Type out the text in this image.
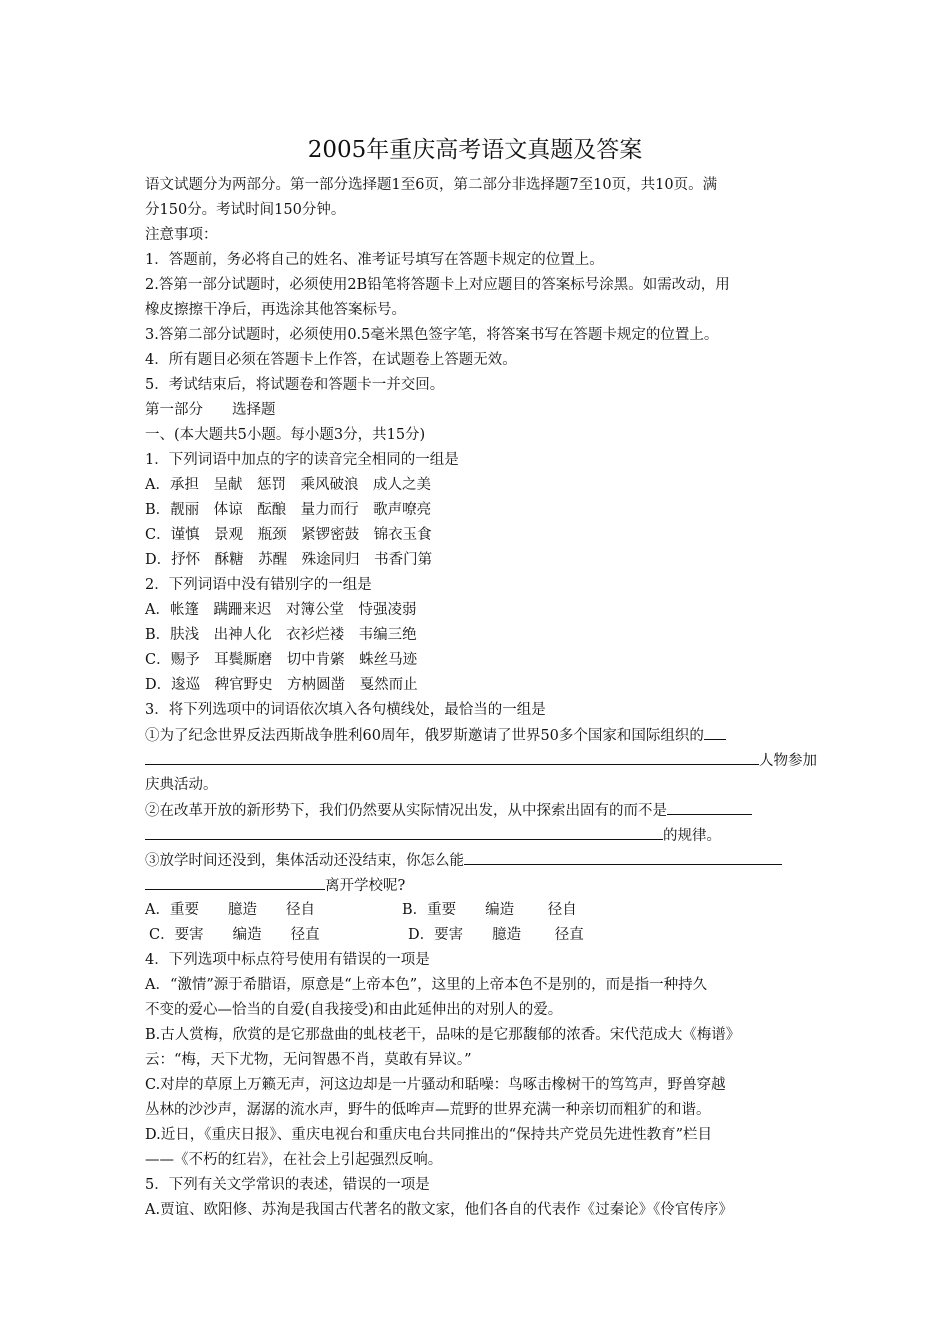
2005年重庆高考语文真题及答案
语文试题分为两部分。第一部分选择题1至6页，第二部分非选择题7至10页，共10页。满
分150分。考试时间150分钟。
注意事项：
1．答题前，务必将自己的姓名、准考证号填写在答题卡规定的位置上。
2.答第一部分试题时，必须使用2B铅笔将答题卡上对应题目的答案标号涂黑。如需改动，用
橡皮擦擦干净后，再选涂其他答案标号。
3.答第二部分试题时，必须使用0.5毫米黑色签字笔，将答案书写在答题卡规定的位置上。
4．所有题目必须在答题卡上作答，在试题卷上答题无效。
5．考试结束后，将试题卷和答题卡一并交回。
第一部分　　选择题
一、(本大题共5小题。每小题3分，共15分)
1．下列词语中加点的字的读音完全相同的一组是
A．承担　呈献　惩罚　乘风破浪　成人之美
B．靓丽　体谅　酝酿　量力而行　歌声嘹亮
C．谨慎　景观　瓶颈　紧锣密鼓　锦衣玉食
D．抒怀　酥糖　苏醒　殊途同归　书香门第
2．下列词语中没有错别字的一组是
A．帐篷　蹒跚来迟　对簿公堂　恃强凌弱
B．肤浅　出神人化　衣衫烂褛　韦编三绝
C．赐予　耳鬓厮磨　切中肯綮　蛛丝马迹
D．逡巡　稗官野史　方枘圆凿　戛然而止
3．将下列选项中的词语依次填入各句横线处，最恰当的一组是
①为了纪念世界反法西斯战争胜利60周年，俄罗斯邀请了世界50多个国家和国际组织的
人物参加
庆典活动。
②在改革开放的新形势下，我们仍然要从实际情况出发，从中探索出固有的而不是
的规律。
③放学时间还没到，集体活动还没结束，你怎么能
离开学校呢?
A．重要　　臆造　　径自	B．重要　　编造　　 径自
C．要害　　编造　　径直	D．要害　　臆造　　 径直
4．下列选项中标点符号使用有错误的一项是
A．“激情”源于希腊语，原意是“上帝本色”，这里的上帝本色不是别的，而是指一种持久
不变的爱心—恰当的自爱(自我接受)和由此延伸出的对别人的爱。
B.古人赏梅，欣赏的是它那盘曲的虬枝老干，品味的是它那馥郁的浓香。宋代范成大《梅谱》
云：“梅，天下尤物，无问智愚不肖，莫敢有异议。”
C.对岸的草原上万籁无声，河这边却是一片骚动和聒噪：鸟啄击橡树干的笃笃声，野兽穿越
丛林的沙沙声，潺潺的流水声，野牛的低哞声—荒野的世界充满一种亲切而粗犷的和谐。
D.近日，《重庆日报》、重庆电视台和重庆电台共同推出的“保持共产党员先进性教育”栏目
——《不朽的红岩》，在社会上引起强烈反响。
5．下列有关文学常识的表述，错误的一项是
A.贾谊、欧阳修、苏洵是我国古代著名的散文家，他们各自的代表作《过秦论》《伶官传序》
